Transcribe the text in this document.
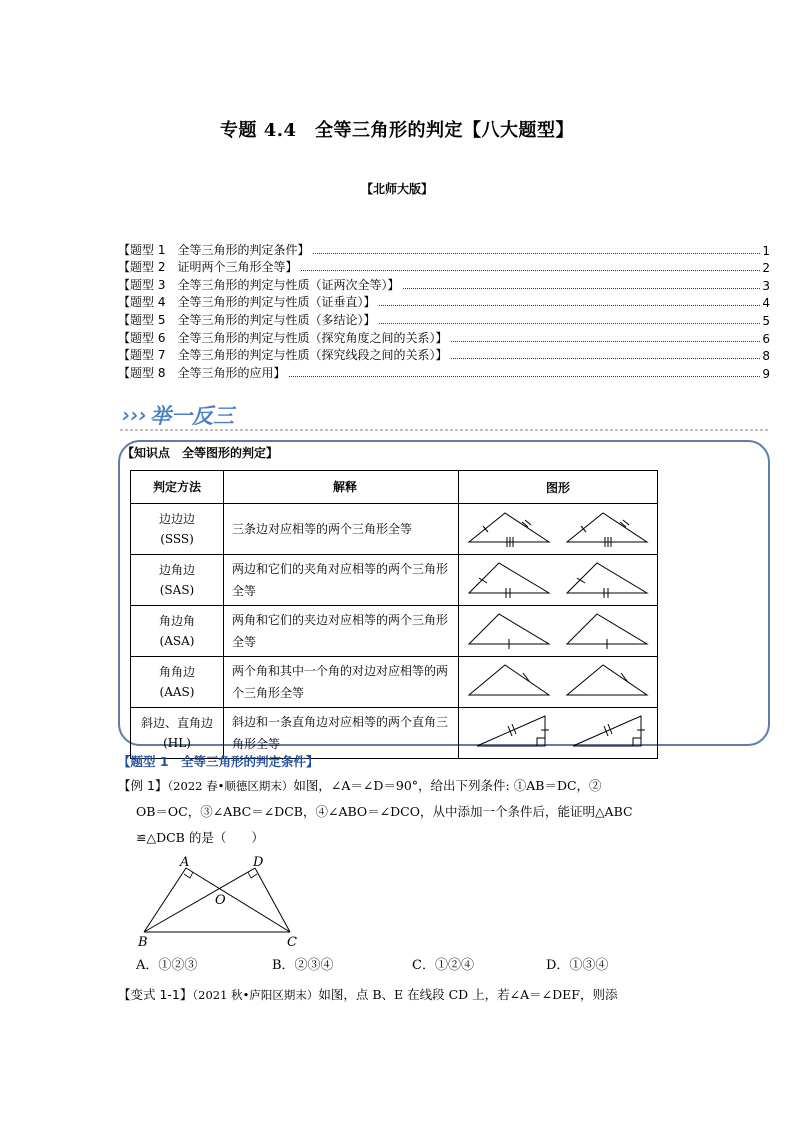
专题 4.4　全等三角形的判定【八大题型】
【北师大版】
【题型 1　全等三角形的判定条件】	1
【题型 2　证明两个三角形全等】	2
【题型 3　全等三角形的判定与性质（证两次全等）】	3
【题型 4　全等三角形的判定与性质（证垂直）】	4
【题型 5　全等三角形的判定与性质（多结论）】	5
【题型 6　全等三角形的判定与性质（探究角度之间的关系）】	6
【题型 7　全等三角形的判定与性质（探究线段之间的关系）】	8
【题型 8　全等三角形的应用】	9
››› 举一反三
【知识点　全等图形的判定】
判定方法	解释	图形

边边边
(SSS)	三条边对应相等的两个三角形全等	

边角边
(SAS)	两边和它们的夹角对应相等的两个三角形全等	

角边角
(ASA)	两角和它们的夹边对应相等的两个三角形全等	

角角边
(AAS)	两个角和其中一个角的对边对应相等的两个三角形全等	

斜边、直角边
(HL)	斜边和一条直角边对应相等的两个直角三角形全等	
【题型 1　全等三角形的判定条件】
【例 1】（2022 春•顺德区期末）如图，∠A＝∠D＝90°，给出下列条件: ①AB＝DC，②
OB＝OC，③∠ABC＝∠DCB，④∠ABO＝∠DCO，从中添加一个条件后，能证明△ABC
≌△DCB 的是（　　）
A	D
O
B	C
A．①②③	B．②③④	C．①②④	D．①③④
【变式 1-1】（2021 秋•庐阳区期末）如图，点 B、E 在线段 CD 上，若∠A＝∠DEF，则添
